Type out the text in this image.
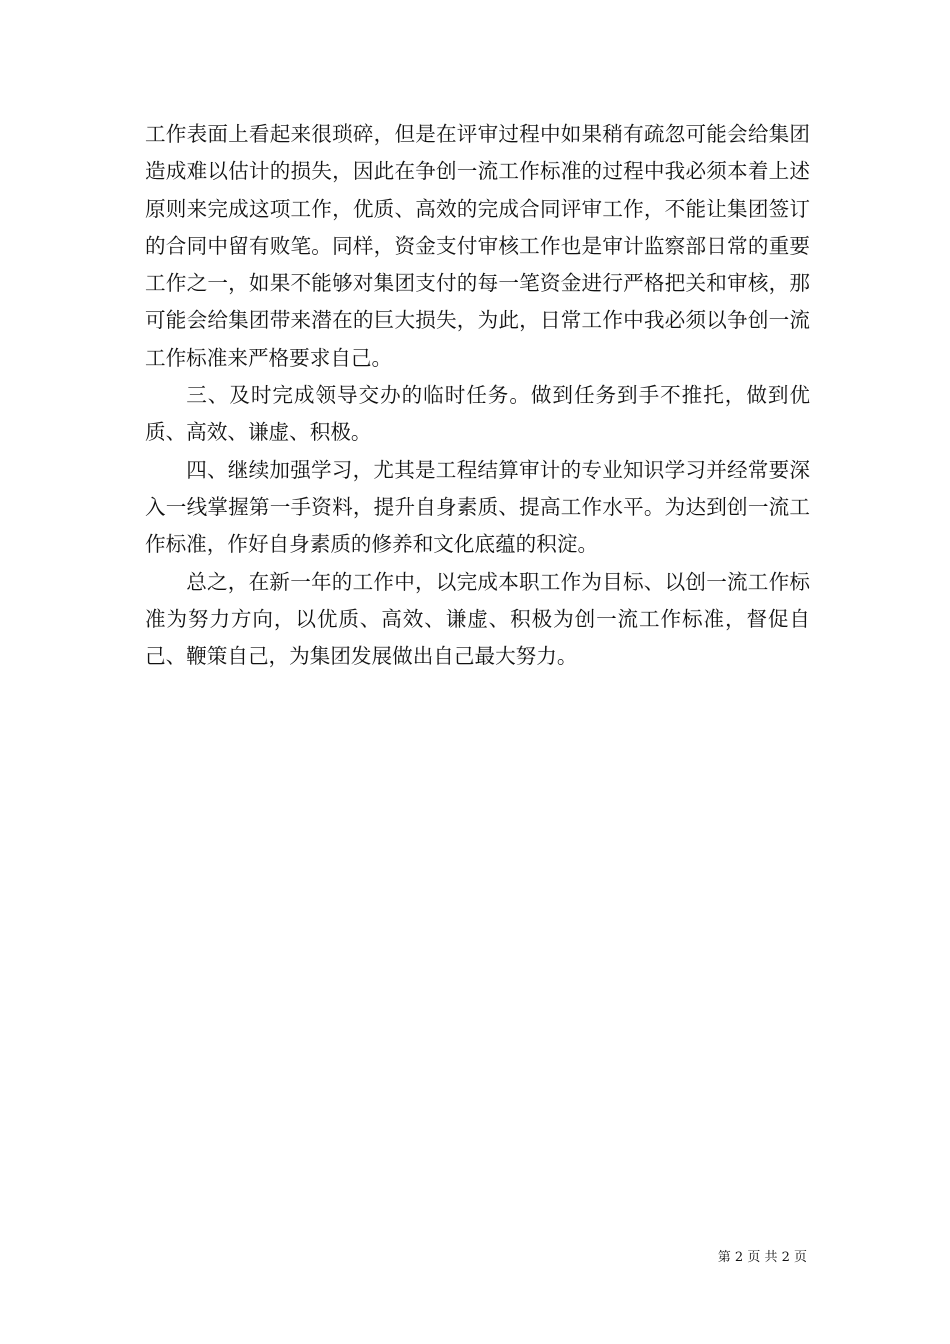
工作表面上看起来很琐碎，但是在评审过程中如果稍有疏忽可能会给集团造成难以估计的损失，因此在争创一流工作标准的过程中我必须本着上述原则来完成这项工作，优质、高效的完成合同评审工作，不能让集团签订的合同中留有败笔。同样，资金支付审核工作也是审计监察部日常的重要工作之一，如果不能够对集团支付的每一笔资金进行严格把关和审核，那可能会给集团带来潜在的巨大损失，为此，日常工作中我必须以争创一流工作标准来严格要求自己。

三、及时完成领导交办的临时任务。做到任务到手不推托，做到优质、高效、谦虚、积极。

四、继续加强学习，尤其是工程结算审计的专业知识学习并经常要深入一线掌握第一手资料，提升自身素质、提高工作水平。为达到创一流工作标准，作好自身素质的修养和文化底蕴的积淀。

总之，在新一年的工作中，以完成本职工作为目标、以创一流工作标准为努力方向，以优质、高效、谦虚、积极为创一流工作标准，督促自己、鞭策自己，为集团发展做出自己最大努力。

第 2 页 共 2 页
